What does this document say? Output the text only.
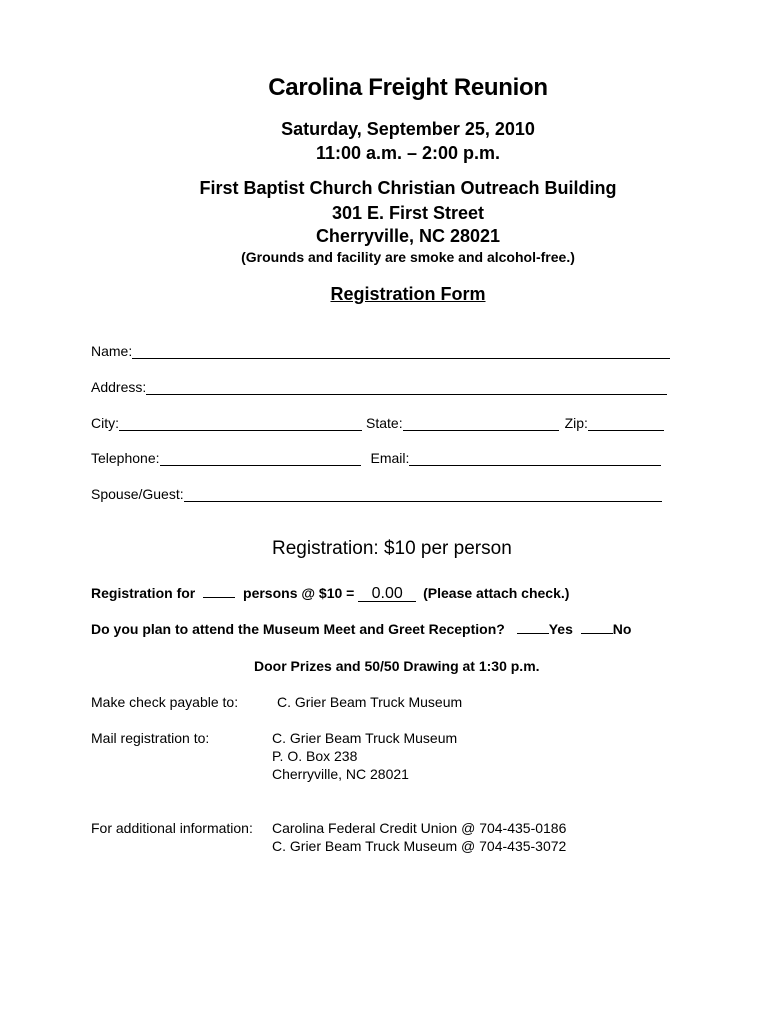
Carolina Freight Reunion
Saturday, September 25, 2010
11:00 a.m. – 2:00 p.m.
First Baptist Church Christian Outreach Building
301 E. First Street
Cherryville, NC 28021
(Grounds and facility are smoke and alcohol-free.)
Registration Form
Name:
Address:
City:	State:	Zip:
Telephone:	Email:
Spouse/Guest:
Registration: $10 per person
Registration for	persons @ $10 = 0.00 (Please attach check.)
Do you plan to attend the Museum Meet and Greet Reception?	Yes	No
Door Prizes and 50/50 Drawing at 1:30 p.m.
Make check payable to:	C. Grier Beam Truck Museum
Mail registration to:	C. Grier Beam Truck Museum
P. O. Box 238
Cherryville, NC 28021
For additional information: Carolina Federal Credit Union @ 704-435-0186
C. Grier Beam Truck Museum @ 704-435-3072
